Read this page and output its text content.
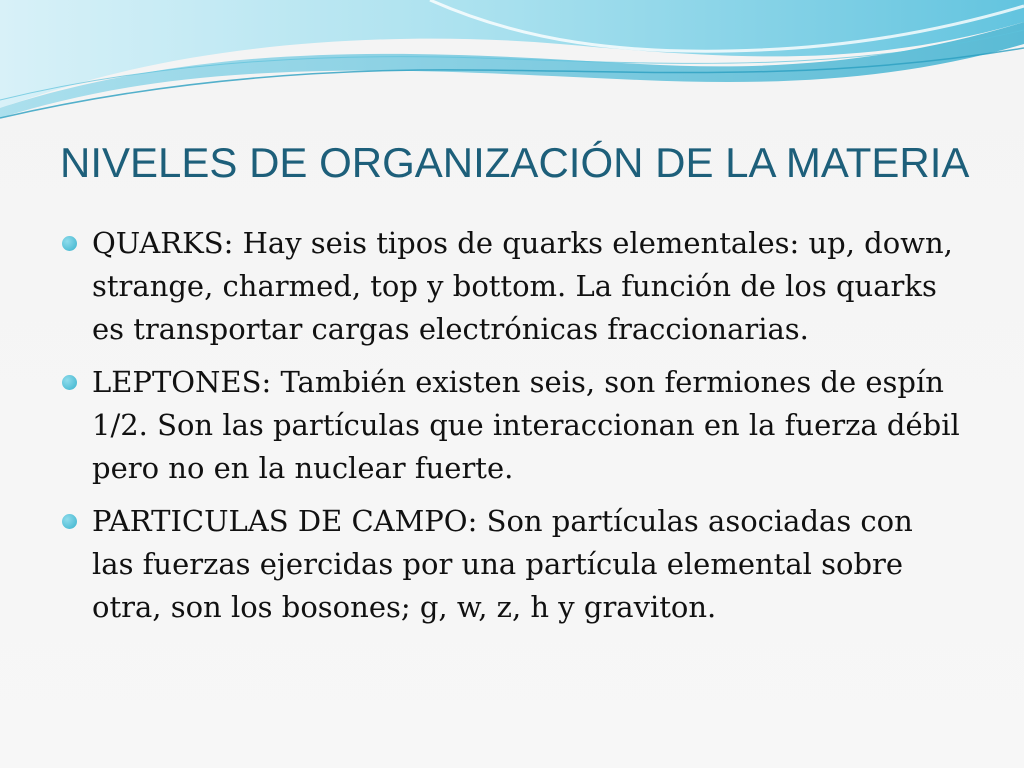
NIVELES DE ORGANIZACIÓN DE LA MATERIA
QUARKS: Hay seis tipos de quarks elementales: up, down, strange, charmed, top y bottom. La función de los quarks es transportar cargas electrónicas fraccionarias.
LEPTONES: También existen seis, son fermiones de espín 1/2. Son las partículas que interaccionan en la fuerza débil pero no en la nuclear fuerte.
PARTICULAS DE CAMPO: Son partículas asociadas con las fuerzas ejercidas por una partícula elemental sobre otra, son los bosones; g, w, z, h y graviton.
